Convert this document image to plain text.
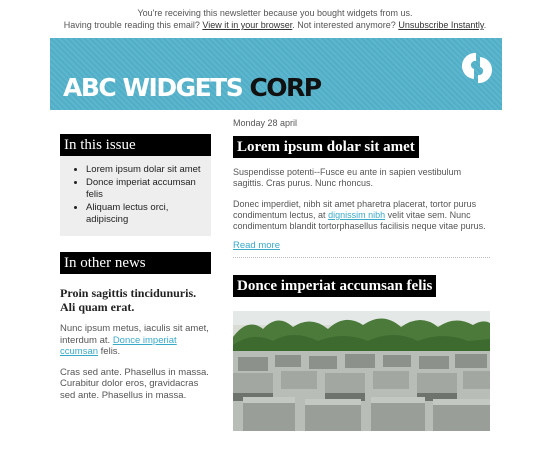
You're receiving this newsletter because you bought widgets from us.
Having trouble reading this email? View it in your browser. Not interested anymore? Unsubscribe Instantly.
ABC WIDGETS CORP
In this issue
• Lorem ipsum dolar sit amet
• Donce imperiat accumsan felis
• Aliquam lectus orci, adipiscing
In other news
Proin sagittis tincidunuris. Ali quam erat.

Nunc ipsum metus, iaculis sit amet, interdum at. Donce imperiat ccumsan felis.

Cras sed ante. Phasellus in massa. Curabitur dolor eros, gravidacras sed ante. Phasellus in massa.

Monday 28 april
Lorem ipsum dolar sit amet

Suspendisse potenti--Fusce eu ante in sapien vestibulum sagittis. Cras purus. Nunc rhoncus.

Donec imperdiet, nibh sit amet pharetra placerat, tortor purus condimentum lectus, at dignissim nibh velit vitae sem. Nunc condimentum blandit tortorphasellus facilisis neque vitae purus.

Read more
Donce imperiat accumsan felis
